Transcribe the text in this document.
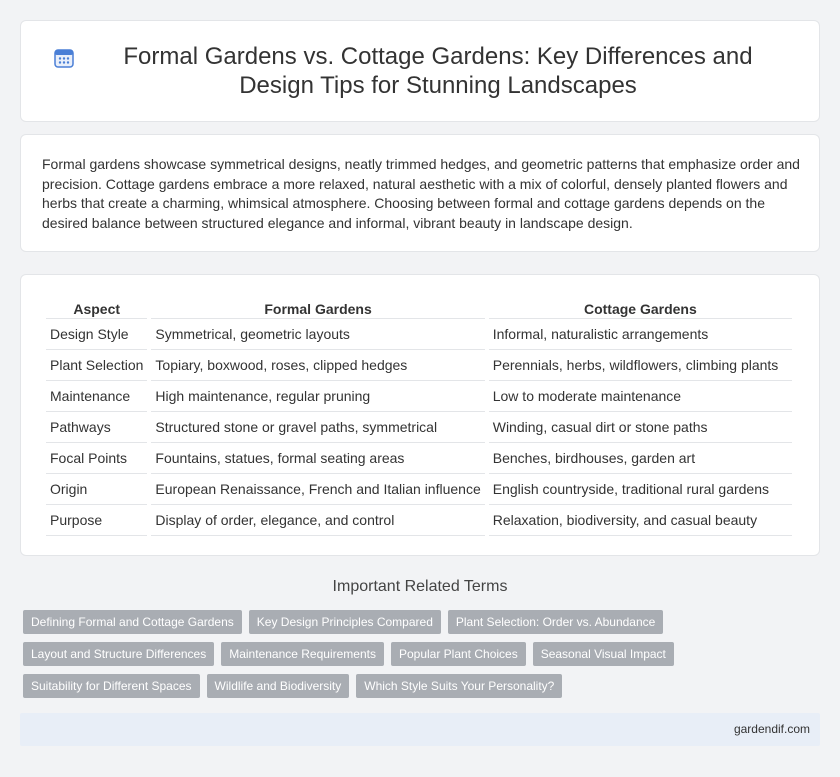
Formal Gardens vs. Cottage Gardens: Key Differences and Design Tips for Stunning Landscapes

Formal gardens showcase symmetrical designs, neatly trimmed hedges, and geometric patterns that emphasize order and precision. Cottage gardens embrace a more relaxed, natural aesthetic with a mix of colorful, densely planted flowers and herbs that create a charming, whimsical atmosphere. Choosing between formal and cottage gardens depends on the desired balance between structured elegance and informal, vibrant beauty in landscape design.

Aspect	Formal Gardens	Cottage Gardens
Design Style	Symmetrical, geometric layouts	Informal, naturalistic arrangements
Plant Selection	Topiary, boxwood, roses, clipped hedges	Perennials, herbs, wildflowers, climbing plants
Maintenance	High maintenance, regular pruning	Low to moderate maintenance
Pathways	Structured stone or gravel paths, symmetrical	Winding, casual dirt or stone paths
Focal Points	Fountains, statues, formal seating areas	Benches, birdhouses, garden art
Origin	European Renaissance, French and Italian influence	English countryside, traditional rural gardens
Purpose	Display of order, elegance, and control	Relaxation, biodiversity, and casual beauty
Important Related Terms
Defining Formal and Cottage Gardens	Key Design Principles Compared	Plant Selection: Order vs. Abundance
Layout and Structure Differences	Maintenance Requirements	Popular Plant Choices	Seasonal Visual Impact
Suitability for Different Spaces	Wildlife and Biodiversity	Which Style Suits Your Personality?
gardendif.com
